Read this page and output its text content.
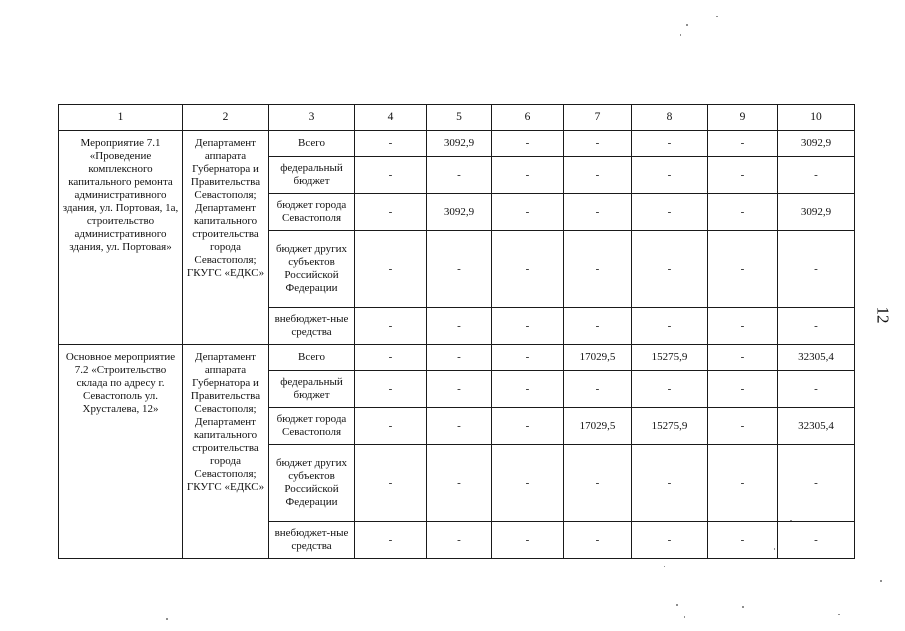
1	2	3	4	5	6	7	8	9	10
Мероприятие 7.1 «Проведение комплексного капитального ремонта административного здания, ул. Портовая, 1а, строительство административного здания, ул. Портовая»	Департамент аппарата Губернатора и Правительства Севастополя; Департамент капитального строительства города Севастополя; ГКУГС «ЕДКС»	Всего	-	3092,9	-	-	-	-	3092,9
		федеральный бюджет	-	-	-	-	-	-	-
		бюджет города Севастополя	-	3092,9	-	-	-	-	3092,9
		бюджет других субъектов Российской Федерации	-	-	-	-	-	-	-
		внебюджет-ные средства	-	-	-	-	-	-	-
Основное мероприятие 7.2 «Строительство склада по адресу г. Севастополь ул. Хрусталева, 12»	Департамент аппарата Губернатора и Правительства Севастополя; Департамент капитального строительства города Севастополя; ГКУГС «ЕДКС»	Всего	-	-	-	17029,5	15275,9	-	32305,4
		федеральный бюджет	-	-	-	-	-	-	-
		бюджет города Севастополя	-	-	-	17029,5	15275,9	-	32305,4
		бюджет других субъектов Российской Федерации	-	-	-	-	-	-	-
		внебюджет-ные средства	-	-	-	-	-	-	-
12
